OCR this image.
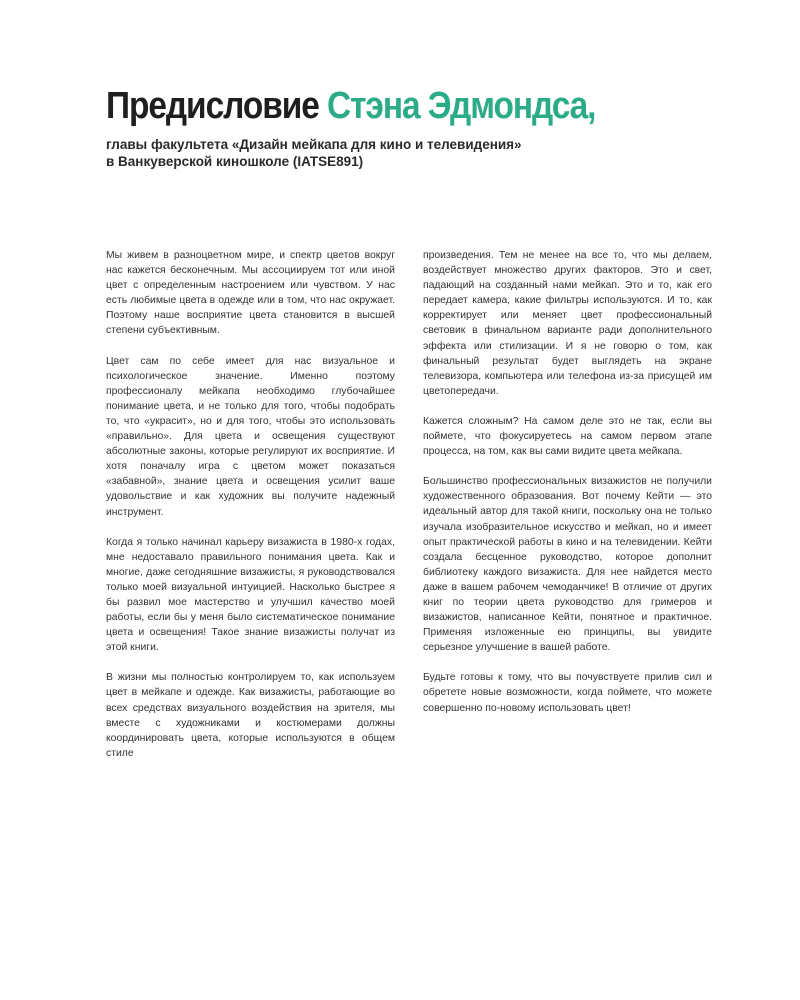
Предисловие Стэна Эдмондса,
главы факультета «Дизайн мейкапа для кино и телевидения»
в Ванкуверской киношколе (IATSE891)

Мы живем в разноцветном мире, и спектр цветов вокруг нас кажется бесконечным. Мы ассоциируем тот или иной цвет с определенным настроением или чувством. У нас есть любимые цвета в одежде или в том, что нас окружает. Поэтому наше восприятие цвета становится в высшей степени субъективным.

Цвет сам по себе имеет для нас визуальное и психологическое значение. Именно поэтому профессионалу мейкапа необходимо глубочайшее понимание цвета, и не только для того, чтобы подобрать то, что «украсит», но и для того, чтобы это использовать «правильно». Для цвета и освещения существуют абсолютные законы, которые регулируют их восприятие. И хотя поначалу игра с цветом может показаться «забавной», знание цвета и освещения усилит ваше удовольствие и как художник вы получите надежный инструмент.

Когда я только начинал карьеру визажиста в 1980-х годах, мне недоставало правильного понимания цвета. Как и многие, даже сегодняшние визажисты, я руководствовался только моей визуальной интуицией. Насколько быстрее я бы развил мое мастерство и улучшил качество моей работы, если бы у меня было систематическое понимание цвета и освещения! Такое знание визажисты получат из этой книги.

В жизни мы полностью контролируем то, как используем цвет в мейкапе и одежде. Как визажисты, работающие во всех средствах визуального воздействия на зрителя, мы вместе с художниками и костюмерами должны координировать цвета, которые используются в общем стиле

произведения. Тем не менее на все то, что мы делаем, воздействует множество других факторов. Это и свет, падающий на созданный нами мейкап. Это и то, как его передает камера, какие фильтры используются. И то, как корректирует или меняет цвет профессиональный световик в финальном варианте ради дополнительного эффекта или стилизации. И я не говорю о том, как финальный результат будет выглядеть на экране телевизора, компьютера или телефона из-за присущей им цветопередачи.

Кажется сложным? На самом деле это не так, если вы поймете, что фокусируетесь на самом первом этапе процесса, на том, как вы сами видите цвета мейкапа.

Большинство профессиональных визажистов не получили художественного образования. Вот почему Кейти — это идеальный автор для такой книги, поскольку она не только изучала изобразительное искусство и мейкап, но и имеет опыт практической работы в кино и на телевидении. Кейти создала бесценное руководство, которое дополнит библиотеку каждого визажиста. Для нее найдется место даже в вашем рабочем чемоданчике! В отличие от других книг по теории цвета руководство для гримеров и визажистов, написанное Кейти, понятное и практичное. Применяя изложенные ею принципы, вы увидите серьезное улучшение в вашей работе.

Будьте готовы к тому, что вы почувствуете прилив сил и обретете новые возможности, когда поймете, что можете совершенно по-новому использовать цвет!
